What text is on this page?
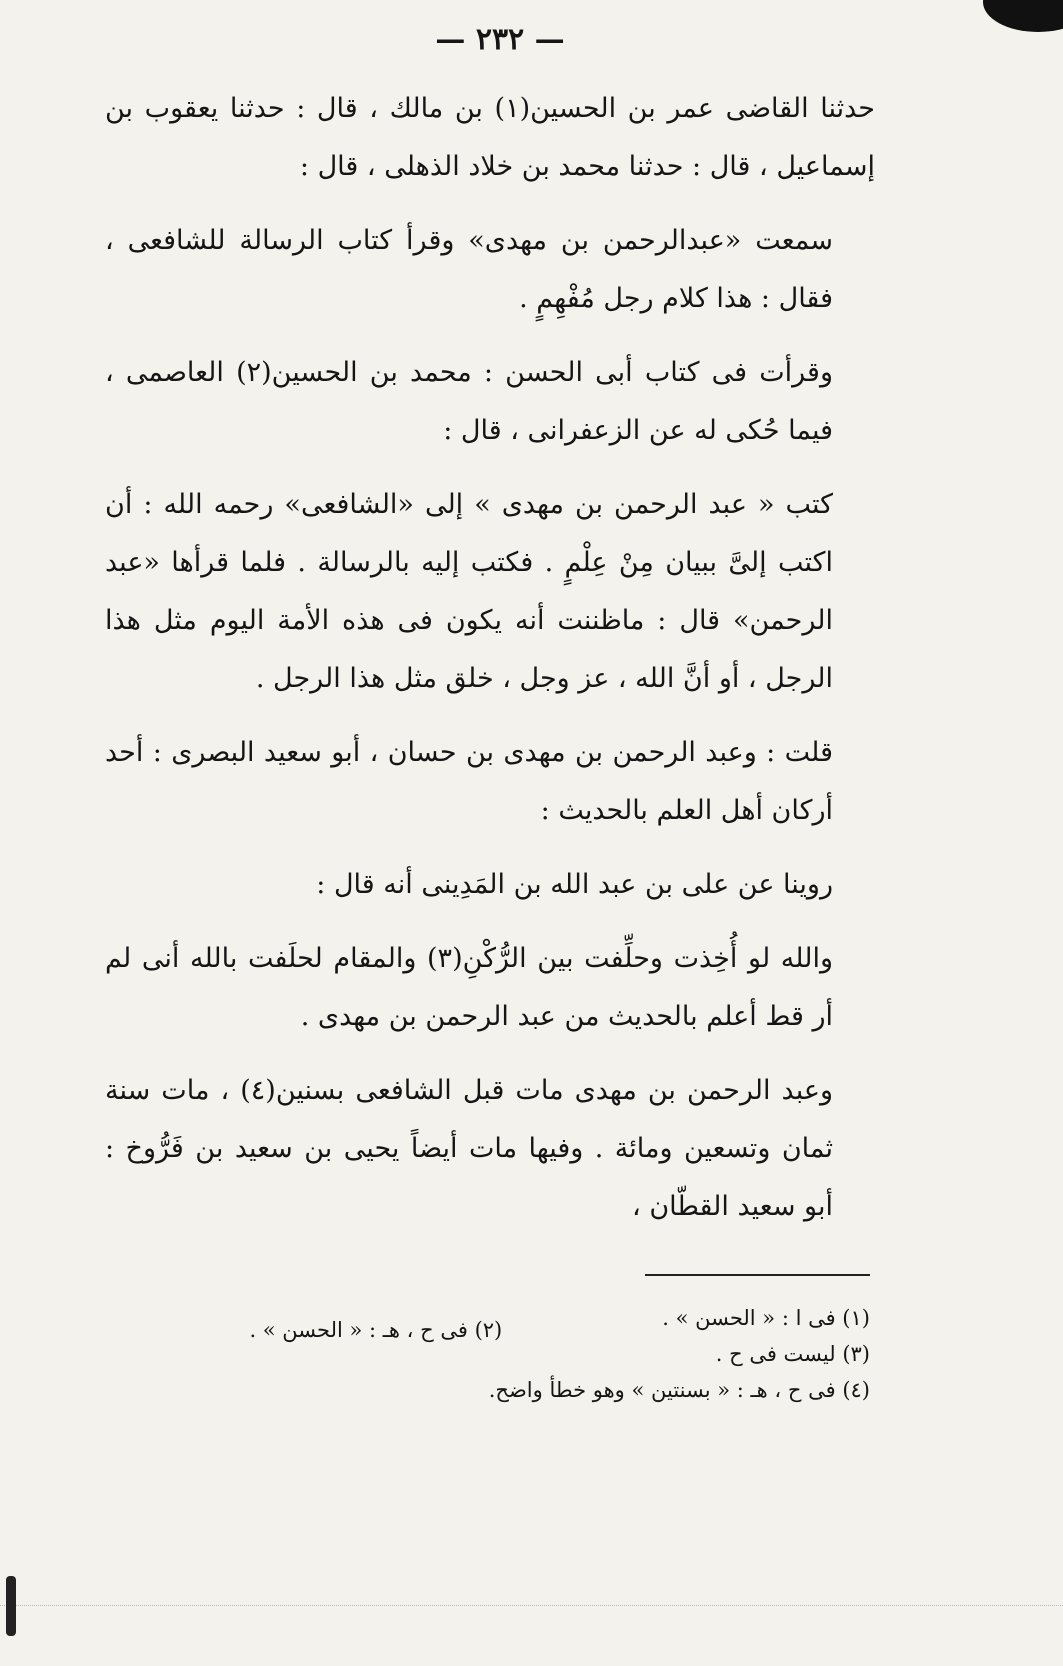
— ٢٣٢ —

حدثنا القاضى عمر بن الحسين(١) بن مالك ، قال : حدثنا يعقوب بن إسماعيل ، قال : حدثنا محمد بن خلاد الذهلى ، قال :

سمعت «عبدالرحمن بن مهدى» وقرأ كتاب الرسالة للشافعى ، فقال : هذا كلام رجل مُفْهِمٍ .

وقرأت فى كتاب أبى الحسن : محمد بن الحسين(٢) العاصمى ، فيما حُكى له عن الزعفرانى ، قال :

كتب « عبد الرحمن بن مهدى » إلى «الشافعى» رحمه الله : أن اكتب إلىَّ ببيان مِنْ عِلْمٍ . فكتب إليه بالرسالة . فلما قرأها «عبد الرحمن» قال : ماظننت أنه يكون فى هذه الأمة اليوم مثل هذا الرجل ، أو أنَّ الله ، عز وجل ، خلق مثل هذا الرجل .

قلت : وعبد الرحمن بن مهدى بن حسان ، أبو سعيد البصرى : أحد أركان أهل العلم بالحديث :

روينا عن على بن عبد الله بن المَدِينى أنه قال :

والله لو أُخِذت وحلِّفت بين الرُّكْنِ(٣) والمقام لحلَفت بالله أنى لم أر قط أعلم بالحديث من عبد الرحمن بن مهدى .

وعبد الرحمن بن مهدى مات قبل الشافعى بسنين(٤) ، مات سنة ثمان وتسعين ومائة . وفيها مات أيضاً يحيى بن سعيد بن فَرُّوخ : أبو سعيد القطّان ،

(١) فى ا : « الحسن » .
(٢) فى ح ، هـ : « الحسن » .
(٣) ليست فى ح .
(٤) فى ح ، هـ : « بسنتين » وهو خطأ واضح.
